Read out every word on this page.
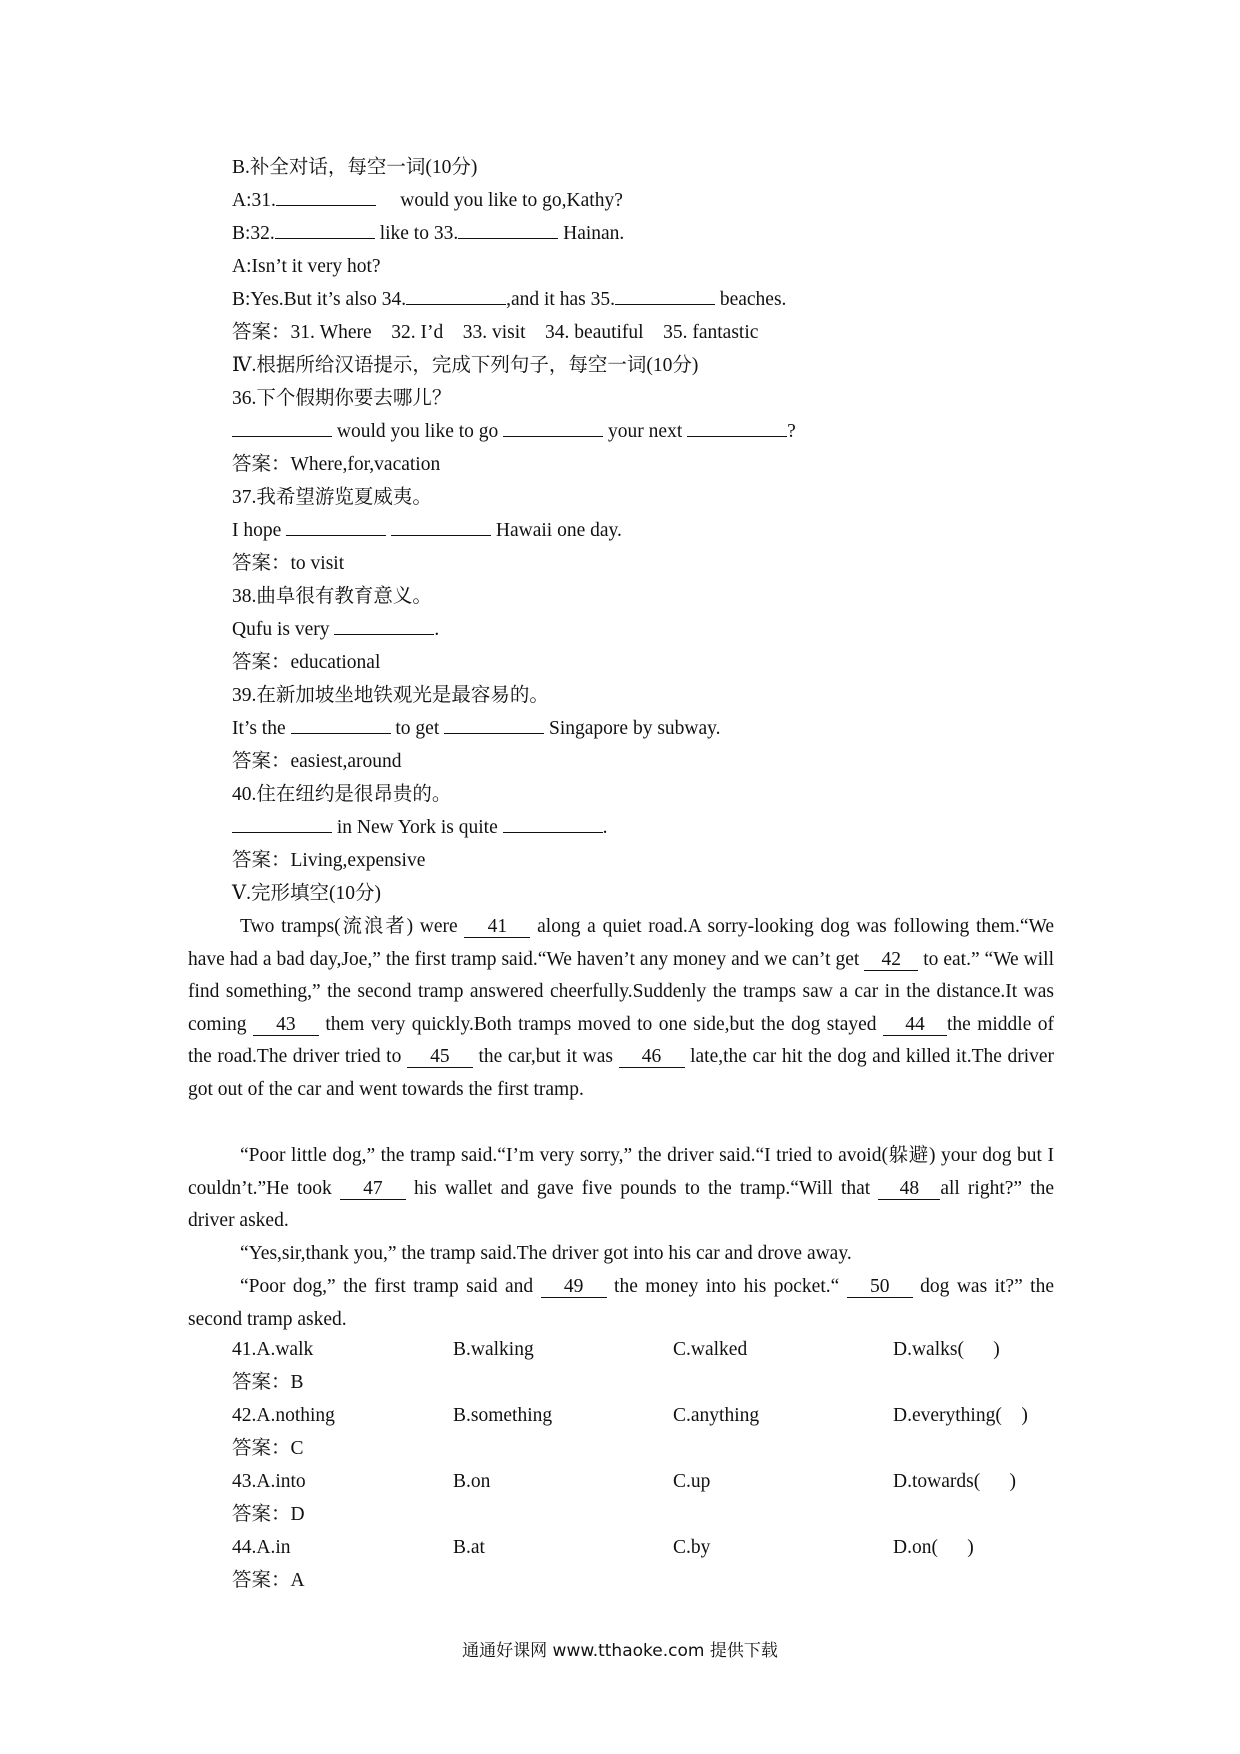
B.补全对话，每空一词(10分)
A:31.	would you like to go,Kathy?
B:32.	like to 33.	Hainan.
A:Isn’t it very hot?
B:Yes.But it’s also 34.	,and it has 35.	beaches.
答案：31. Where    32. I’d    33. visit    34. beautiful    35. fantastic
Ⅳ.根据所给汉语提示，完成下列句子，每空一词(10分)
36.下个假期你要去哪儿？
would you like to go	your next	?
答案：Where,for,vacation
37.我希望游览夏威夷。
I hope	Hawaii one day.
答案：to visit
38.曲阜很有教育意义。
Qufu is very	.
答案：educational
39.在新加坡坐地铁观光是最容易的。
It’s the	to get	Singapore by subway.
答案：easiest,around
40.住在纽约是很昂贵的。
in New York is quite	.
答案：Living,expensive
Ⅴ.完形填空(10分)
Two tramps(流浪者) were 41 along a quiet road.A sorry-looking dog was following them.“We have had a bad day,Joe,” the first tramp said.“We haven’t any money and we can’t get 42 to eat.” “We will find something,” the second tramp answered cheerfully.Suddenly the tramps saw a car in the distance.It was coming 43 them very quickly.Both tramps moved to one side,but the dog stayed 44 the middle of the road.The driver tried to 45 the car,but it was 46 late,the car hit the dog and killed it.The driver got out of the car and went towards the first tramp.
“Poor little dog,” the tramp said.“I’m very sorry,” the driver said.“I tried to avoid(躲避) your dog but I couldn’t.”He took 47 his wallet and gave five pounds to the tramp.“Will that 48 all right?” the driver asked.
“Yes,sir,thank you,” the tramp said.The driver got into his car and drove away.
“Poor dog,” the first tramp said and 49 the money into his pocket.“ 50 dog was it?” the second tramp asked.
41.A.walk	B.walking	C.walked	D.walks(      )
答案：B
42.A.nothing	B.something	C.anything	D.everything(    )
答案：C
43.A.into	B.on	C.up	D.towards(      )
答案：D
44.A.in	B.at	C.by	D.on(      )
答案：A
通通好课网 www.tthaoke.com 提供下载
